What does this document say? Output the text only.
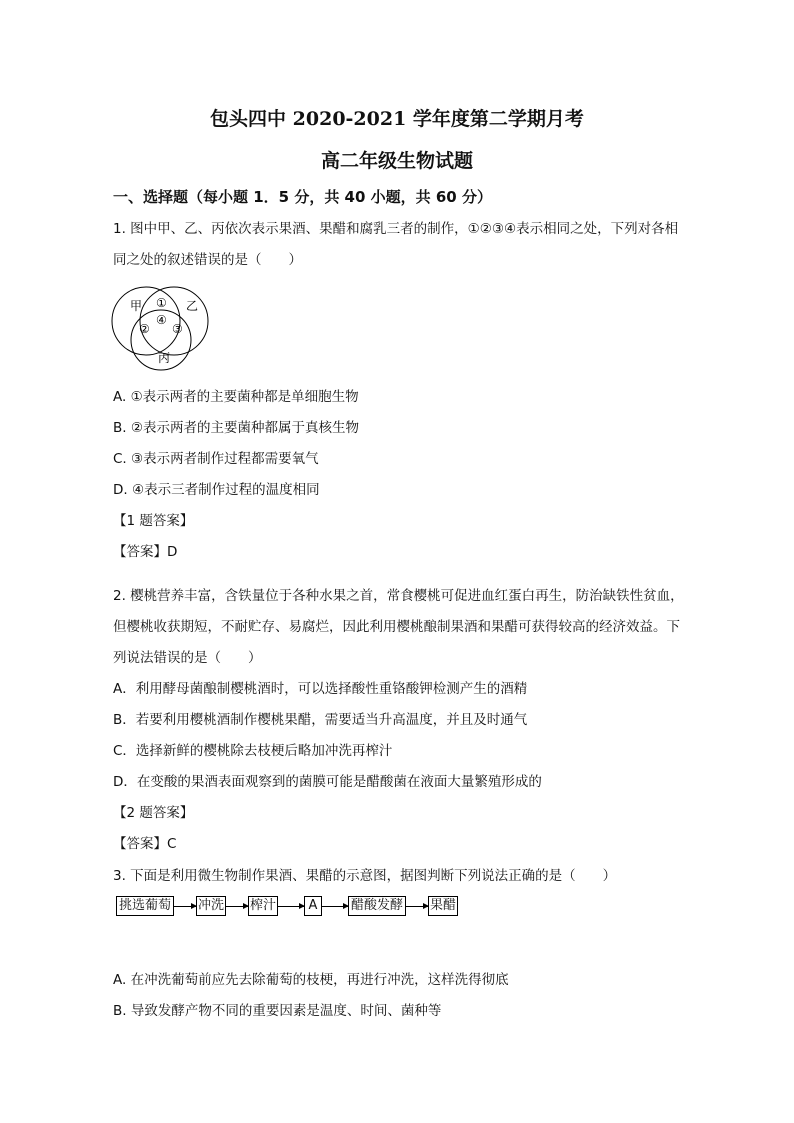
包头四中 2020-2021 学年度第二学期月考
高二年级生物试题
一、选择题（每小题 1．5 分，共 40 小题，共 60 分）
1. 图中甲、乙、丙依次表示果酒、果醋和腐乳三者的制作，①②③④表示相同之处，下列对各相
同之处的叙述错误的是（　　）
甲	乙
丙
①
② ③
④
A. ①表示两者的主要菌种都是单细胞生物
B. ②表示两者的主要菌种都属于真核生物
C. ③表示两者制作过程都需要氧气
D. ④表示三者制作过程的温度相同
【1 题答案】
【答案】D
2. 樱桃营养丰富，含铁量位于各种水果之首，常食樱桃可促进血红蛋白再生，防治缺铁性贫血，
但樱桃收获期短，不耐贮存、易腐烂，因此利用樱桃酿制果酒和果醋可获得较高的经济效益。下
列说法错误的是（　　）
A．利用酵母菌酿制樱桃酒时，可以选择酸性重铬酸钾检测产生的酒精
B．若要利用樱桃酒制作樱桃果醋，需要适当升高温度，并且及时通气
C．选择新鲜的樱桃除去枝梗后略加冲洗再榨汁
D．在变酸的果酒表面观察到的菌膜可能是醋酸菌在液面大量繁殖形成的
【2 题答案】
【答案】C
3. 下面是利用微生物制作果酒、果醋的示意图，据图判断下列说法正确的是（　　）
挑选葡萄 冲洗 榨汁	A	醋酸发酵 果醋
A. 在冲洗葡萄前应先去除葡萄的枝梗，再进行冲洗，这样洗得彻底
B. 导致发酵产物不同的重要因素是温度、时间、菌种等
